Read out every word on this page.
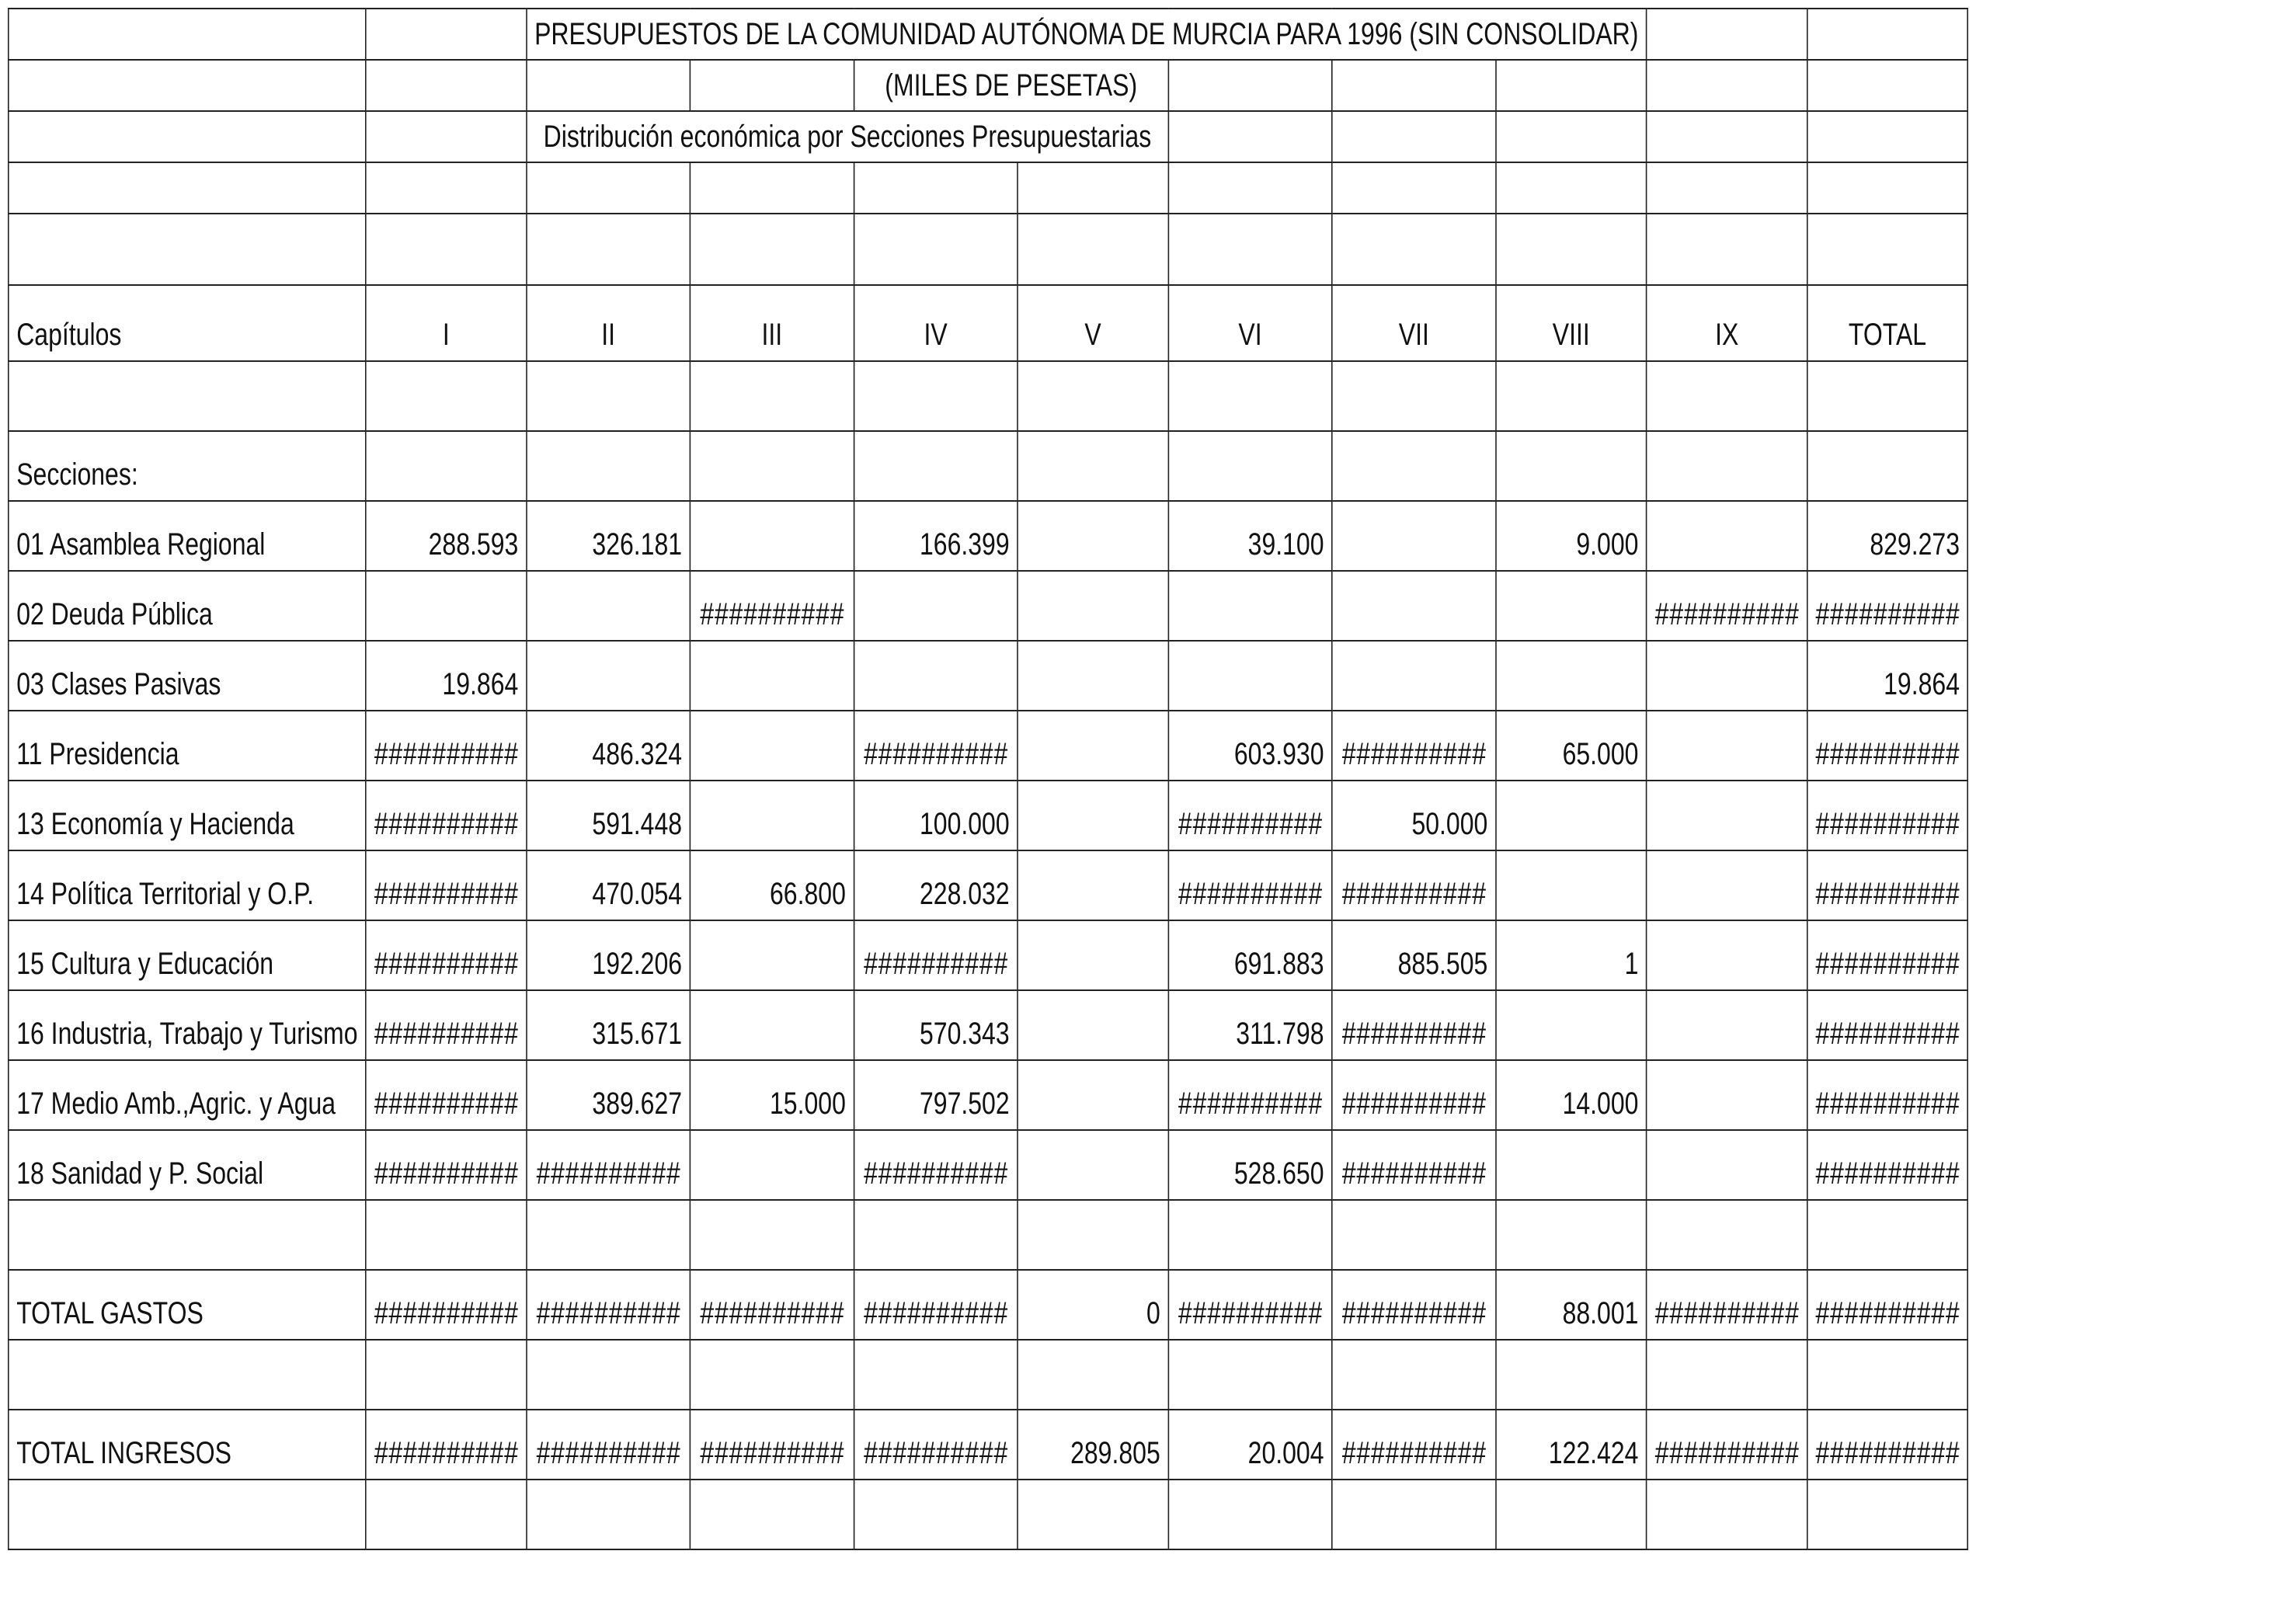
		PRESUPUESTOS DE LA COMUNIDAD AUTÓNOMA DE MURCIA PARA 1996 (SIN CONSOLIDAR)								
				(MILES DE PESETAS)						
		Distribución económica por Secciones Presupuestarias								

Capítulos	I	II	III	IV	V	VI	VII	VIII	IX	TOTAL

Secciones:										
01 Asamblea Regional	288.593	326.181		166.399		39.100		9.000		829.273
02 Deuda Pública			##########						##########	##########
03 Clases Pasivas	19.864									19.864
11 Presidencia	##########	486.324		##########		603.930	##########	65.000		##########
13 Economía y Hacienda	##########	591.448		100.000		##########	50.000			##########
14 Política Territorial y O.P.	##########	470.054	66.800	228.032		##########	##########			##########
15 Cultura y Educación	##########	192.206		##########		691.883	885.505	1		##########
16 Industria, Trabajo y Turismo	##########	315.671		570.343		311.798	##########			##########
17 Medio Amb.,Agric. y Agua	##########	389.627	15.000	797.502		##########	##########	14.000		##########
18 Sanidad y P. Social	##########	##########		##########		528.650	##########			##########

TOTAL GASTOS	##########	##########	##########	##########	0	##########	##########	88.001	##########	##########

TOTAL INGRESOS	##########	##########	##########	##########	289.805	20.004	##########	122.424	##########	##########
